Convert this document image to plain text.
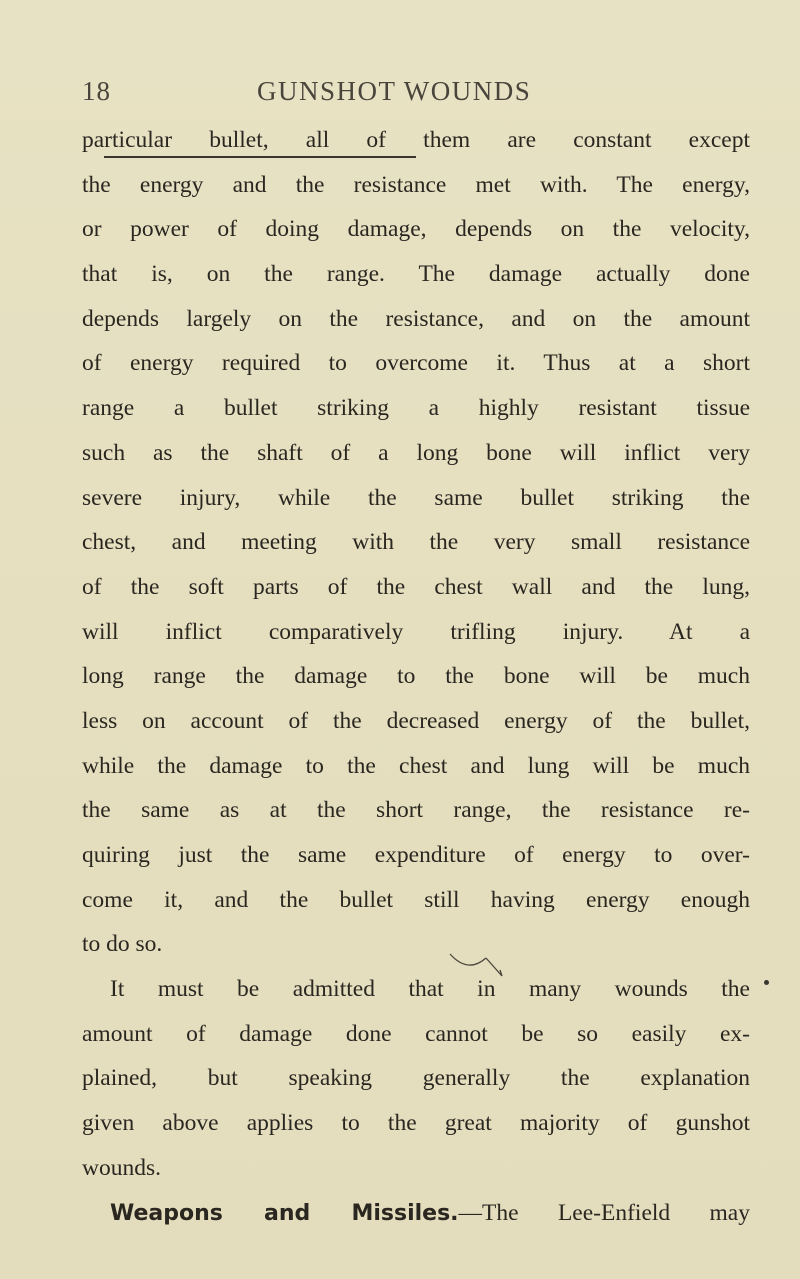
18	GUNSHOT WOUNDS
particular bullet, all of them are constant except
the energy and the resistance met with. The energy,
or power of doing damage, depends on the velocity,
that is, on the range. The damage actually done
depends largely on the resistance, and on the amount
of energy required to overcome it. Thus at a short
range a bullet striking a highly resistant tissue
such as the shaft of a long bone will inflict very
severe injury, while the same bullet striking the
chest, and meeting with the very small resistance
of the soft parts of the chest wall and the lung,
will inflict comparatively trifling injury. At a
long range the damage to the bone will be much
less on account of the decreased energy of the bullet,
while the damage to the chest and lung will be much
the same as at the short range, the resistance re-
quiring just the same expenditure of energy to over-
come it, and the bullet still having energy enough
to do so.
It must be admitted that in many wounds the
amount of damage done cannot be so easily ex-
plained, but speaking generally the explanation
given above applies to the great majority of gunshot
wounds.
Weapons and Missiles.—The Lee-Enfield may
